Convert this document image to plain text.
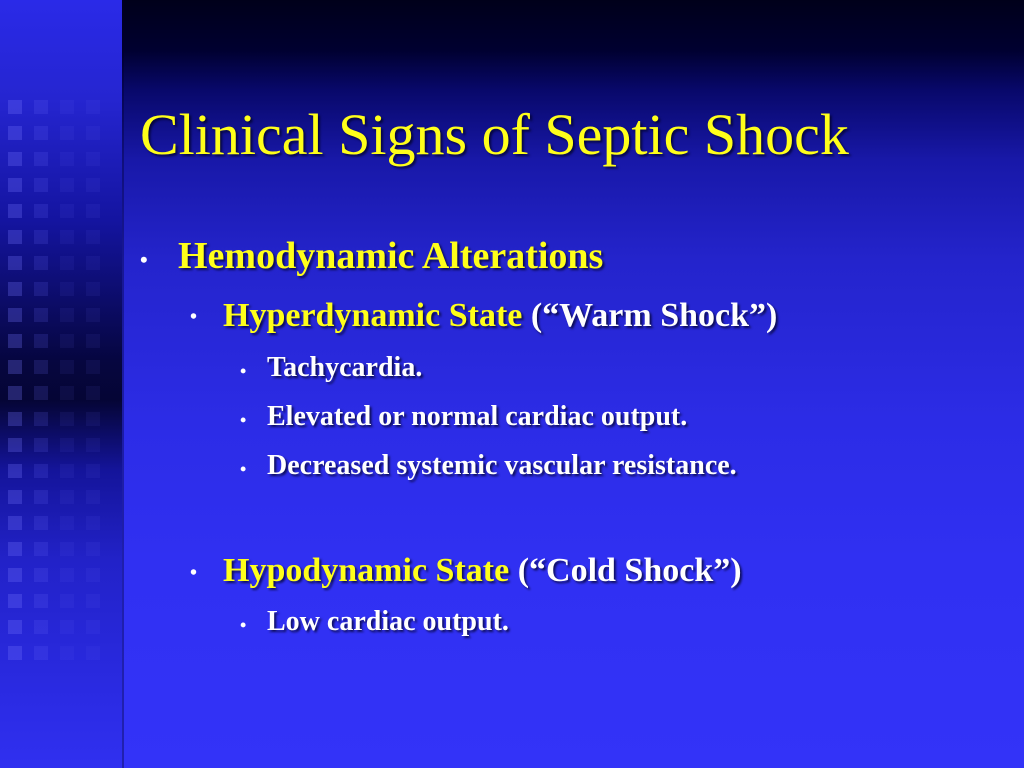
Clinical Signs of Septic Shock
• Hemodynamic Alterations
• Hyperdynamic State (“Warm Shock”)
• Tachycardia.
• Elevated or normal cardiac output.
• Decreased systemic vascular resistance.
• Hypodynamic State (“Cold Shock”)
• Low cardiac output.
